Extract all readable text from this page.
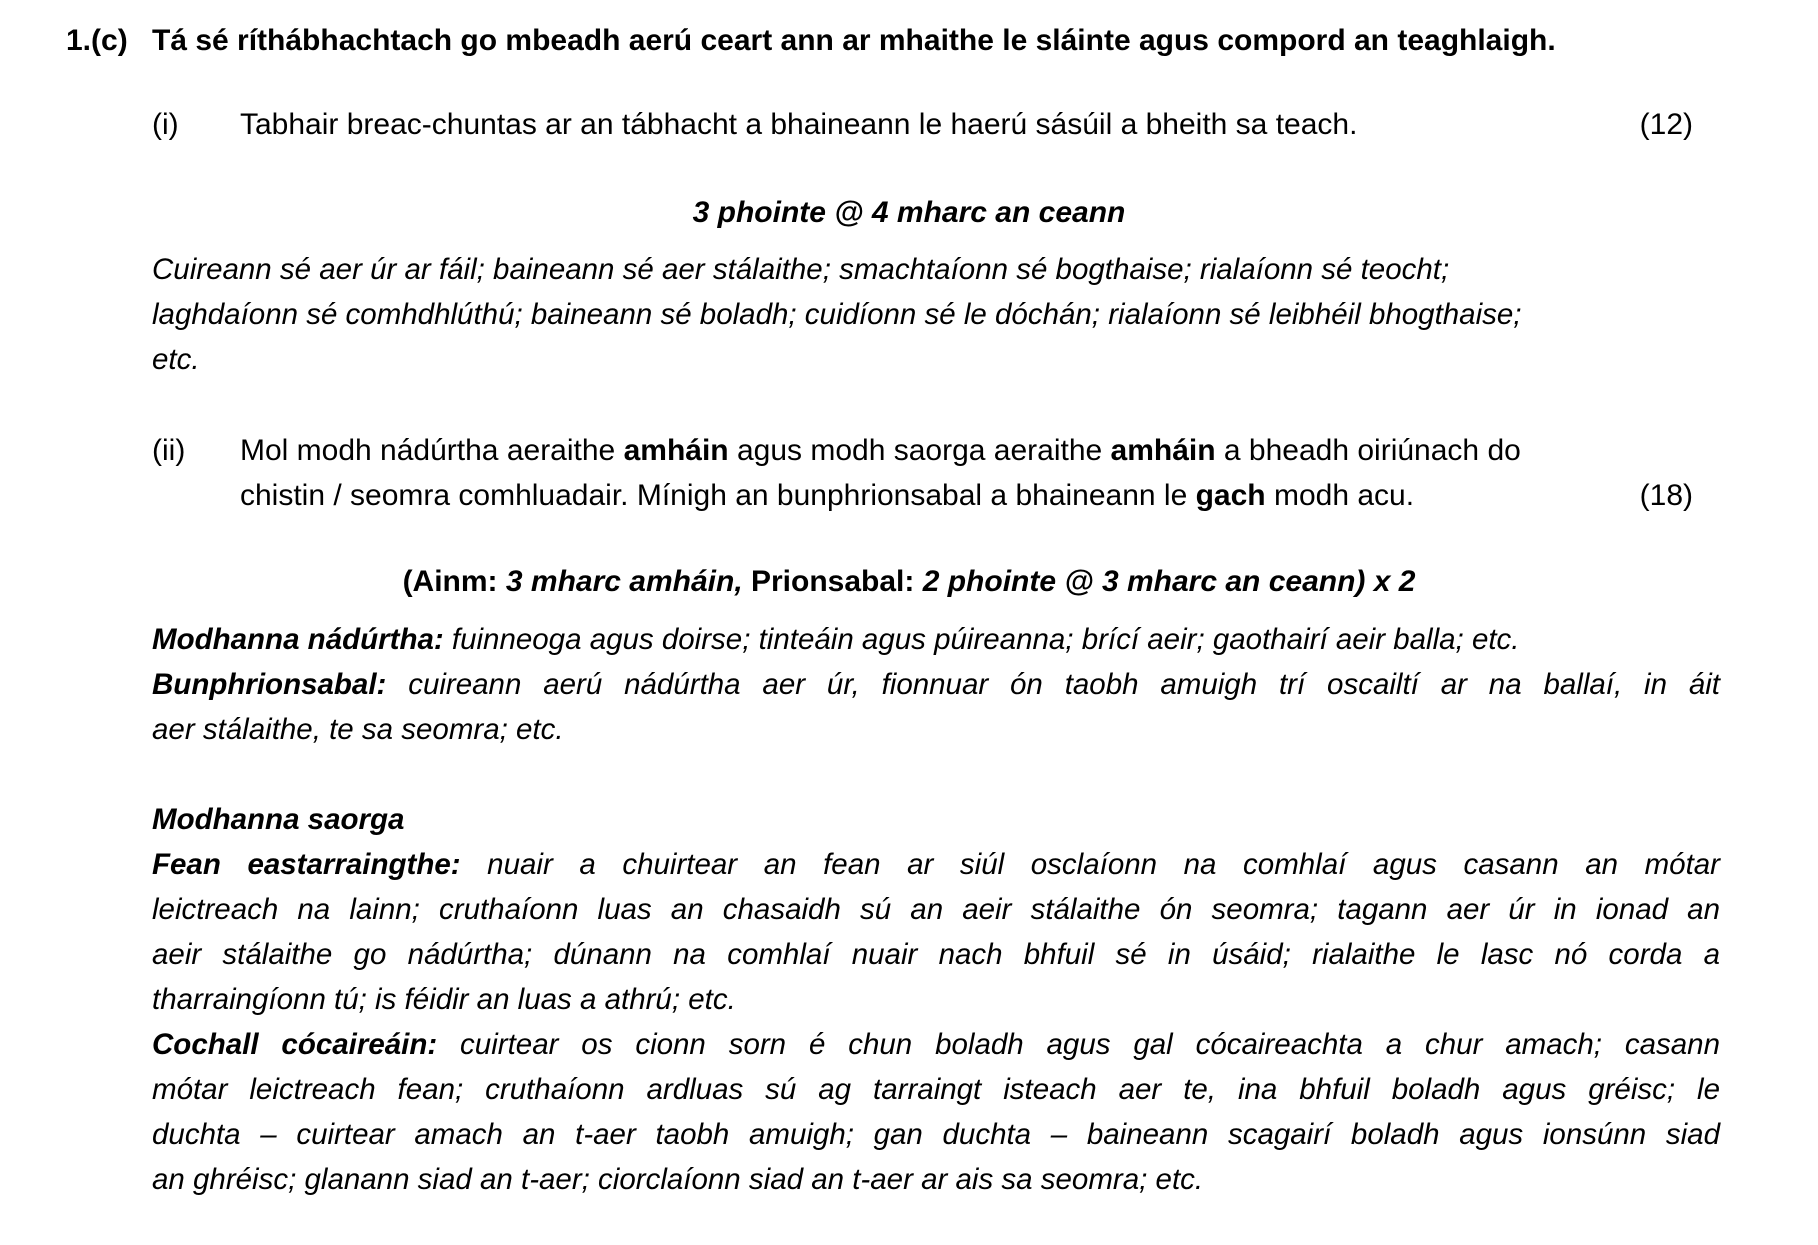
1.(c) Tá sé ríthábhachtach go mbeadh aerú ceart ann ar mhaithe le sláinte agus compord an teaghlaigh.
(i) Tabhair breac-chuntas ar an tábhacht a bhaineann le haerú sásúil a bheith sa teach.	(12)
3 phointe @ 4 mharc an ceann
Cuireann sé aer úr ar fáil; baineann sé aer stálaithe; smachtaíonn sé bogthaise; rialaíonn sé teocht;
laghdaíonn sé comhdhlúthú; baineann sé boladh; cuidíonn sé le dóchán; rialaíonn sé leibhéil bhogthaise;
etc.
(ii) Mol modh nádúrtha aeraithe amháin agus modh saorga aeraithe amháin a bheadh oiriúnach do
chistin / seomra comhluadair. Mínigh an bunphrionsabal a bhaineann le gach modh acu.	(18)
(Ainm: 3 mharc amháin, Prionsabal: 2 phointe @ 3 mharc an ceann) x 2
Modhanna nádúrtha: fuinneoga agus doirse; tinteáin agus púireanna; brící aeir; gaothairí aeir balla; etc.
Bunphrionsabal: cuireann aerú nádúrtha aer úr, fionnuar ón taobh amuigh trí oscailtí ar na ballaí, in áit
aer stálaithe, te sa seomra; etc.
Modhanna saorga
Fean eastarraingthe: nuair a chuirtear an fean ar siúl osclaíonn na comhlaí agus casann an mótar
leictreach na lainn; cruthaíonn luas an chasaidh sú an aeir stálaithe ón seomra; tagann aer úr in ionad an
aeir stálaithe go nádúrtha; dúnann na comhlaí nuair nach bhfuil sé in úsáid; rialaithe le lasc nó corda a
tharraingíonn tú; is féidir an luas a athrú; etc.
Cochall cócaireáin: cuirtear os cionn sorn é chun boladh agus gal cócaireachta a chur amach; casann
mótar leictreach fean; cruthaíonn ardluas sú ag tarraingt isteach aer te, ina bhfuil boladh agus gréisc; le
duchta – cuirtear amach an t-aer taobh amuigh; gan duchta – baineann scagairí boladh agus ionsúnn siad
an ghréisc; glanann siad an t-aer; ciorclaíonn siad an t-aer ar ais sa seomra; etc.
